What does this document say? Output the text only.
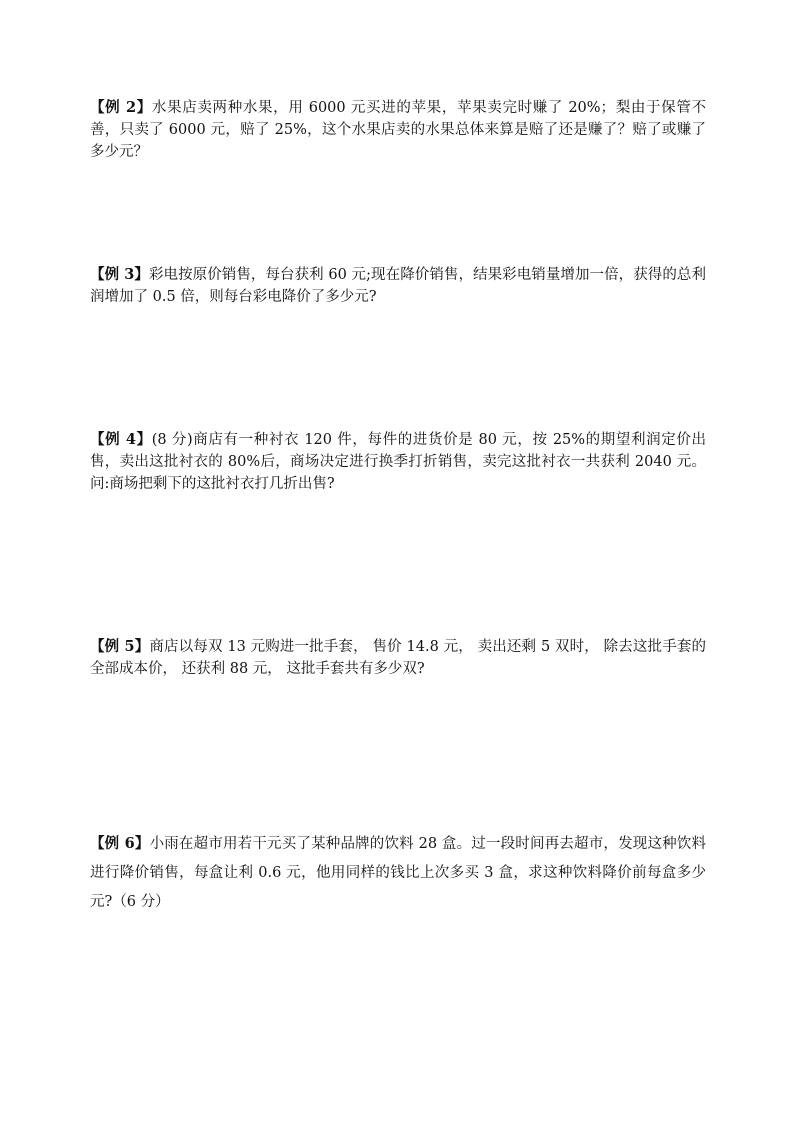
【例 2】水果店卖两种水果，用 6000 元买进的苹果，苹果卖完时赚了 20%；梨由于保管不善，只卖了 6000 元，赔了 25%，这个水果店卖的水果总体来算是赔了还是赚了？赔了或赚了多少元？
【例 3】彩电按原价销售，每台获利 60 元;现在降价销售，结果彩电销量增加一倍，获得的总利润增加了 0.5 倍，则每台彩电降价了多少元?
【例 4】(8 分)商店有一种衬衣 120 件，每件的进货价是 80 元，按 25%的期望利润定价出售，卖出这批衬衣的 80%后，商场决定进行换季打折销售，卖完这批衬衣一共获利 2040 元。问:商场把剩下的这批衬衣打几折出售?
【例 5】商店以每双 13 元购进一批手套， 售价 14.8 元， 卖出还剩 5 双时， 除去这批手套的全部成本价， 还获利 88 元， 这批手套共有多少双?
【例 6】小雨在超市用若干元买了某种品牌的饮料 28 盒。过一段时间再去超市，发现这种饮料进行降价销售，每盒让利 0.6 元，他用同样的钱比上次多买 3 盒，求这种饮料降价前每盒多少元?（6 分）
